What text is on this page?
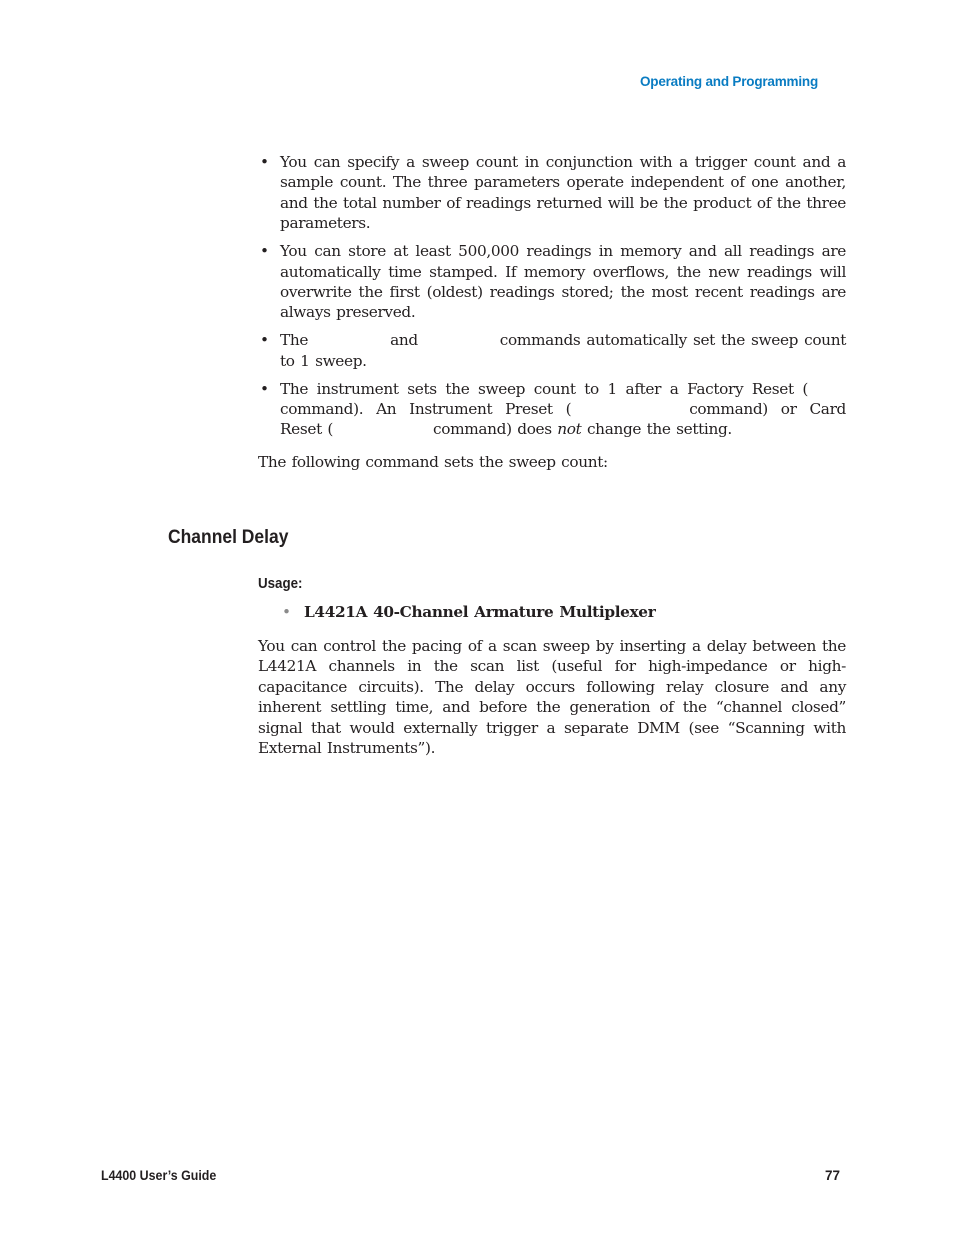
Operating and Programming
• You can specify a sweep count in conjunction with a trigger count and a sample count. The three parameters operate independent of one another, and the total number of readings returned will be the product of the three parameters.
• You can store at least 500,000 readings in memory and all readings are automatically time stamped. If memory overflows, the new readings will overwrite the first (oldest) readings stored; the most recent readings are always preserved.
• The	and	commands automatically set the sweep count to 1 sweep.
• The instrument sets the sweep count to 1 after a Factory Reset (command). An Instrument Preset (	command) or Card Reset (	command) does not change the setting.

The following command sets the sweep count:

Channel Delay
Usage:
• L4421A 40-Channel Armature Multiplexer
You can control the pacing of a scan sweep by inserting a delay between the L4421A channels in the scan list (useful for high-impedance or high-capacitance circuits). The delay occurs following relay closure and any inherent settling time, and before the generation of the “channel closed” signal that would externally trigger a separate DMM (see “Scanning with External Instruments”).
L4400 User’s Guide	77
